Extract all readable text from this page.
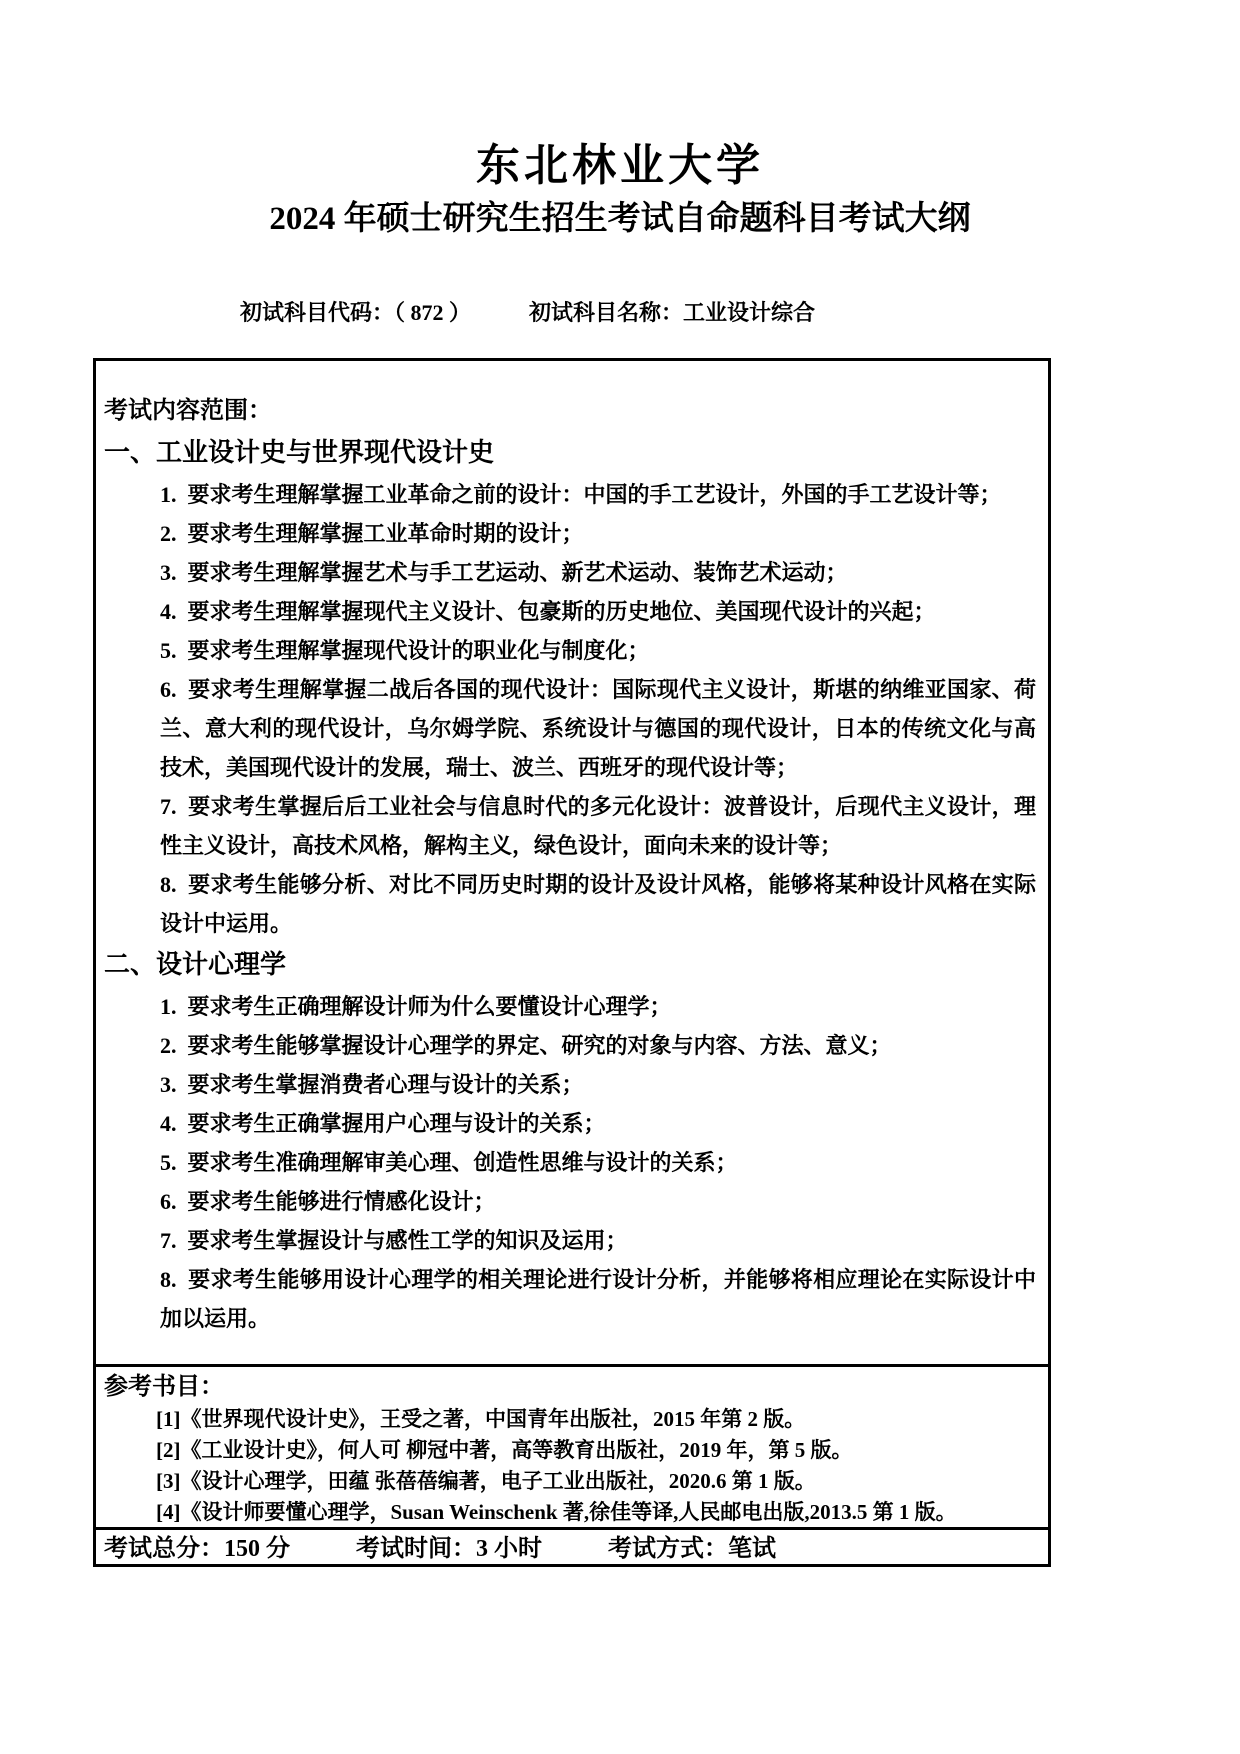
东北林业大学
2024 年硕士研究生招生考试自命题科目考试大纲
初试科目代码：（ 872 ）	初试科目名称：工业设计综合
考试内容范围：
一、工业设计史与世界现代设计史
要求考生理解掌握工业革命之前的设计：中国的手工艺设计，外国的手工艺设计等；
要求考生理解掌握工业革命时期的设计；
要求考生理解掌握艺术与手工艺运动、新艺术运动、装饰艺术运动；
要求考生理解掌握现代主义设计、包豪斯的历史地位、美国现代设计的兴起；
要求考生理解掌握现代设计的职业化与制度化；
要求考生理解掌握二战后各国的现代设计：国际现代主义设计，斯堪的纳维亚国家、荷兰、意大利的现代设计，乌尔姆学院、系统设计与德国的现代设计，日本的传统文化与高技术，美国现代设计的发展，瑞士、波兰、西班牙的现代设计等；
要求考生掌握后后工业社会与信息时代的多元化设计：波普设计，后现代主义设计，理性主义设计，高技术风格，解构主义，绿色设计，面向未来的设计等；
要求考生能够分析、对比不同历史时期的设计及设计风格，能够将某种设计风格在实际设计中运用。
二、设计心理学
要求考生正确理解设计师为什么要懂设计心理学；
要求考生能够掌握设计心理学的界定、研究的对象与内容、方法、意义；
要求考生掌握消费者心理与设计的关系；
要求考生正确掌握用户心理与设计的关系；
要求考生准确理解审美心理、创造性思维与设计的关系；
要求考生能够进行情感化设计；
要求考生掌握设计与感性工学的知识及运用；
要求考生能够用设计心理学的相关理论进行设计分析，并能够将相应理论在实际设计中加以运用。
参考书目：
[1]《世界现代设计史》，王受之著，中国青年出版社，2015 年第 2 版。
[2]《工业设计史》，何人可 柳冠中著，高等教育出版社，2019 年，第 5 版。
[3]《设计心理学，田蕴 张蓓蓓编著，电子工业出版社，2020.6 第 1 版。
[4]《设计师要懂心理学，Susan Weinschenk 著,徐佳等译,人民邮电出版,2013.5 第 1 版。
考试总分：150 分	考试时间：3 小时	考试方式：笔试
